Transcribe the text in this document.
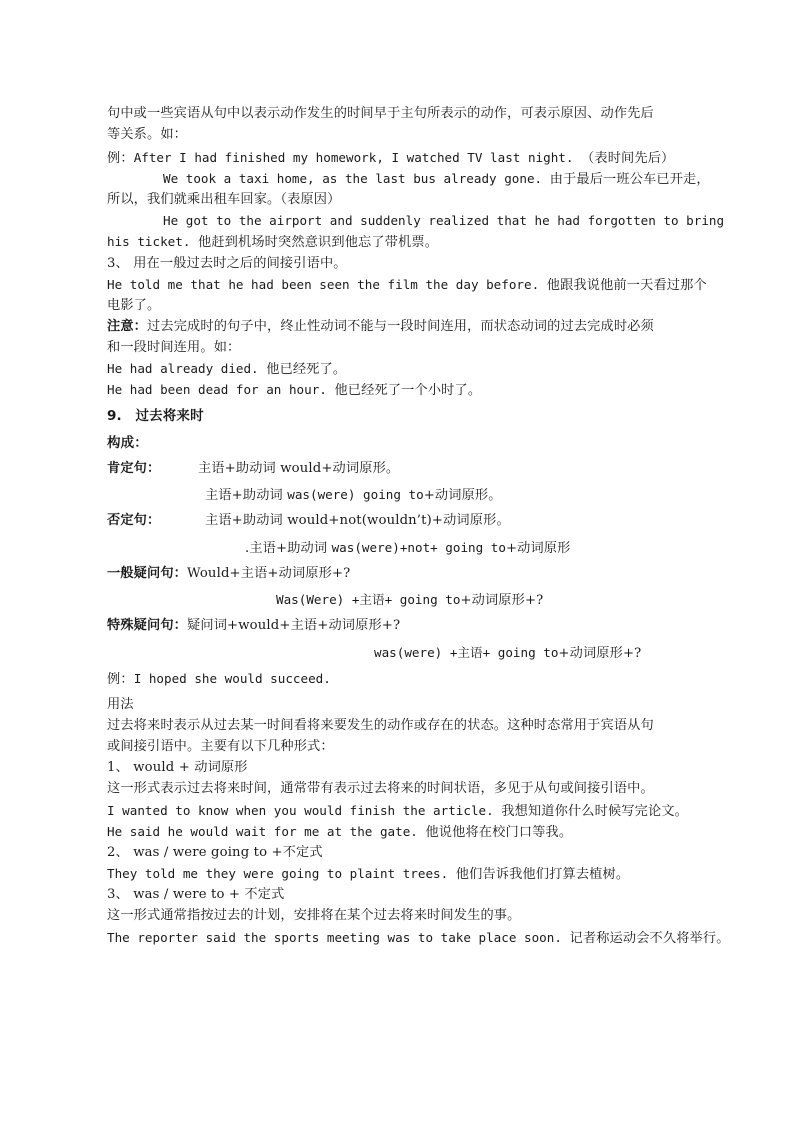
句中或一些宾语从句中以表示动作发生的时间早于主句所表示的动作，可表示原因、动作先后
等关系。如：
例：After I had finished my homework, I watched TV last night. （表时间先后）
We took a taxi home, as the last bus already gone. 由于最后一班公车已开走，
所以，我们就乘出租车回家。（表原因）
He got to the airport and suddenly realized that he had forgotten to bring
his ticket. 他赶到机场时突然意识到他忘了带机票。
3、 用在一般过去时之后的间接引语中。
He told me that he had been seen the film the day before. 他跟我说他前一天看过那个
电影了。
注意：过去完成时的句子中，终止性动词不能与一段时间连用，而状态动词的过去完成时必须
和一段时间连用。如：
He had already died. 他已经死了。
He had been dead for an hour. 他已经死了一个小时了。
9.　过去将来时
构成：
肯定句：	主语+助动词 would+动词原形。
主语+助动词 was(were) going to+动词原形。
否定句：	主语+助动词 would+not(wouldn’t)+动词原形。
.主语+助动词 was(were)+not+ going to+动词原形
一般疑问句：Would+主语+动词原形+?
Was(Were) +主语+ going to+动词原形+?
特殊疑问句：疑问词+would+主语+动词原形+?
was(were) +主语+ going to+动词原形+?
例：I hoped she would succeed.
用法
过去将来时表示从过去某一时间看将来要发生的动作或存在的状态。这种时态常用于宾语从句
或间接引语中。主要有以下几种形式：
1、 would + 动词原形
这一形式表示过去将来时间，通常带有表示过去将来的时间状语，多见于从句或间接引语中。
I wanted to know when you would finish the article. 我想知道你什么时候写完论文。
He said he would wait for me at the gate. 他说他将在校门口等我。
2、 was / were going to +不定式
They told me they were going to plaint trees. 他们告诉我他们打算去植树。
3、 was / were to + 不定式
这一形式通常指按过去的计划，安排将在某个过去将来时间发生的事。
The reporter said the sports meeting was to take place soon. 记者称运动会不久将举行。
